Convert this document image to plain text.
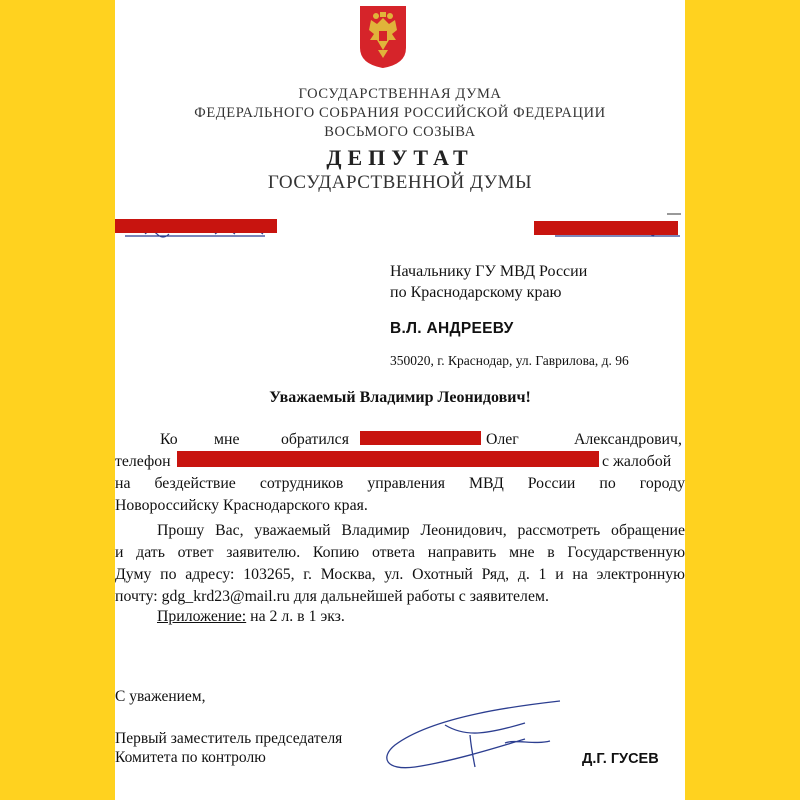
ГОСУДАРСТВЕННАЯ ДУМА
ФЕДЕРАЛЬНОГО СОБРАНИЯ РОССИЙСКОЙ ФЕДЕРАЦИИ
ВОСЬМОГО СОЗЫВА
ДЕПУТАТ
ГОСУДАРСТВЕННОЙ ДУМЫ
Начальнику ГУ МВД России
по Краснодарскому краю
В.Л. АНДРЕЕВУ
350020, г. Краснодар, ул. Гаврилова, д. 96
Уважаемый Владимир Леонидович!
Ко мне	обратился	Олег	Александрович,
телефон	с жалобой
на бездействие сотрудников управления МВД России по городу
Новороссийску Краснодарского края.
Прошу Вас, уважаемый Владимир Леонидович, рассмотреть обращение
и дать ответ заявителю. Копию ответа направить мне в Государственную
Думу по адресу: 103265, г. Москва, ул. Охотный Ряд, д. 1 и на электронную
почту: gdg_krd23@mail.ru для дальнейшей работы с заявителем.
Приложение: на 2 л. в 1 экз.
С уважением,
Первый заместитель председателя
Комитета по контролю	Д.Г. ГУСЕВ
